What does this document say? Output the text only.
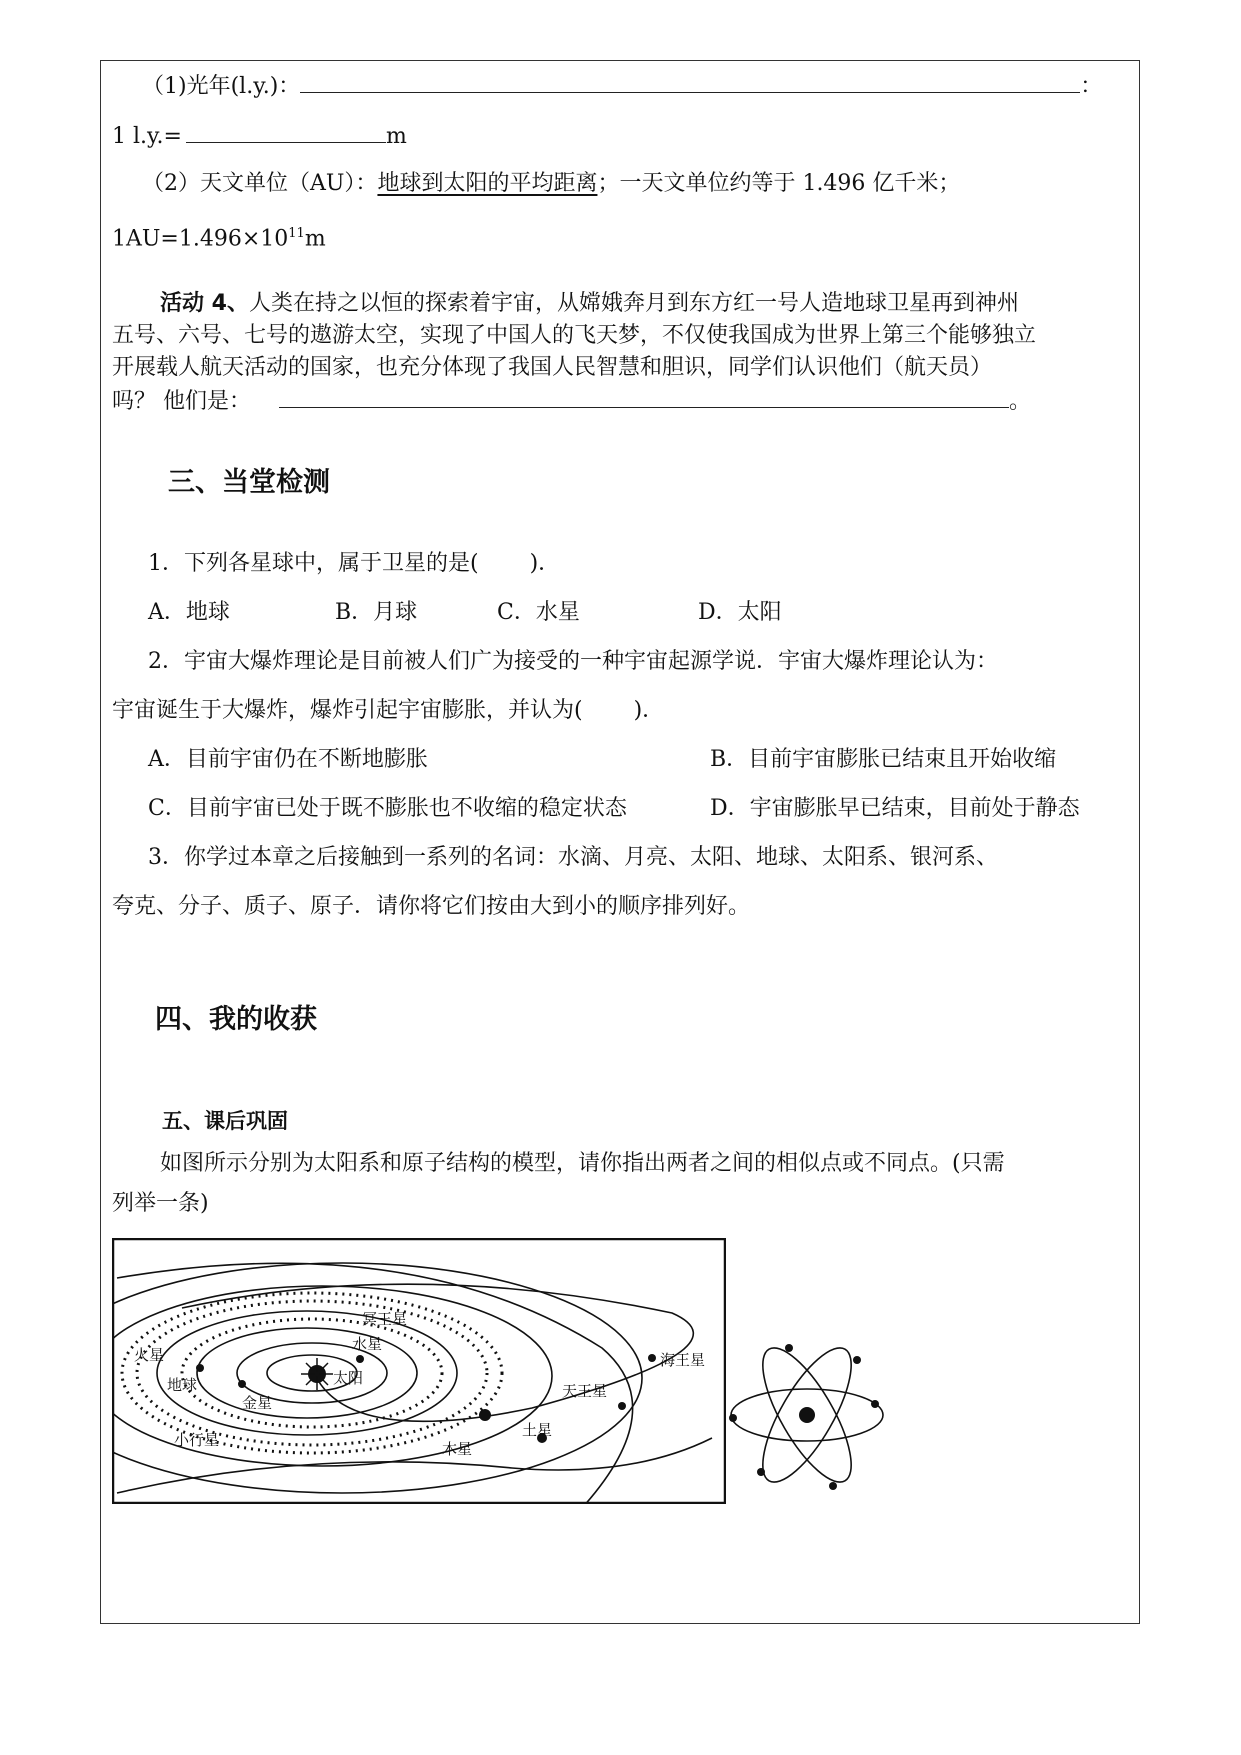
（1)光年(l.y.)：	：
1 l.y.=	m
（2）天文单位（AU）：地球到太阳的平均距离；一天文单位约等于 1.496 亿千米；
$1AU=1.496\times 10^{11}m$
活动 4、人类在持之以恒的探索着宇宙，从嫦娥奔月到东方红一号人造地球卫星再到神州
五号、六号、七号的遨游太空，实现了中国人的飞天梦，不仅使我国成为世界上第三个能够独立
开展载人航天活动的国家，也充分体现了我国人民智慧和胆识，同学们认识他们（航天员）
吗？ 他们是：	。
三、当堂检测
1．下列各星球中，属于卫星的是(　　 )．
A．地球	B．月球	C．水星	D．太阳
2．宇宙大爆炸理论是目前被人们广为接受的一种宇宙起源学说．宇宙大爆炸理论认为：
宇宙诞生于大爆炸，爆炸引起宇宙膨胀，并认为(　　 )．
A．目前宇宙仍在不断地膨胀	B．目前宇宙膨胀已结束且开始收缩
C．目前宇宙已处于既不膨胀也不收缩的稳定状态	D．宇宙膨胀早已结束，目前处于静态
3．你学过本章之后接触到一系列的名词：水滴、月亮、太阳、地球、太阳系、银河系、
夸克、分子、质子、原子．请你将它们按由大到小的顺序排列好。
四、我的收获
五、课后巩固
如图所示分别为太阳系和原子结构的模型，请你指出两者之间的相似点或不同点。(只需
列举一条)
太阳
水星
金星
地球
火星
木星
土星
天王星
海王星
冥王星
小行星
